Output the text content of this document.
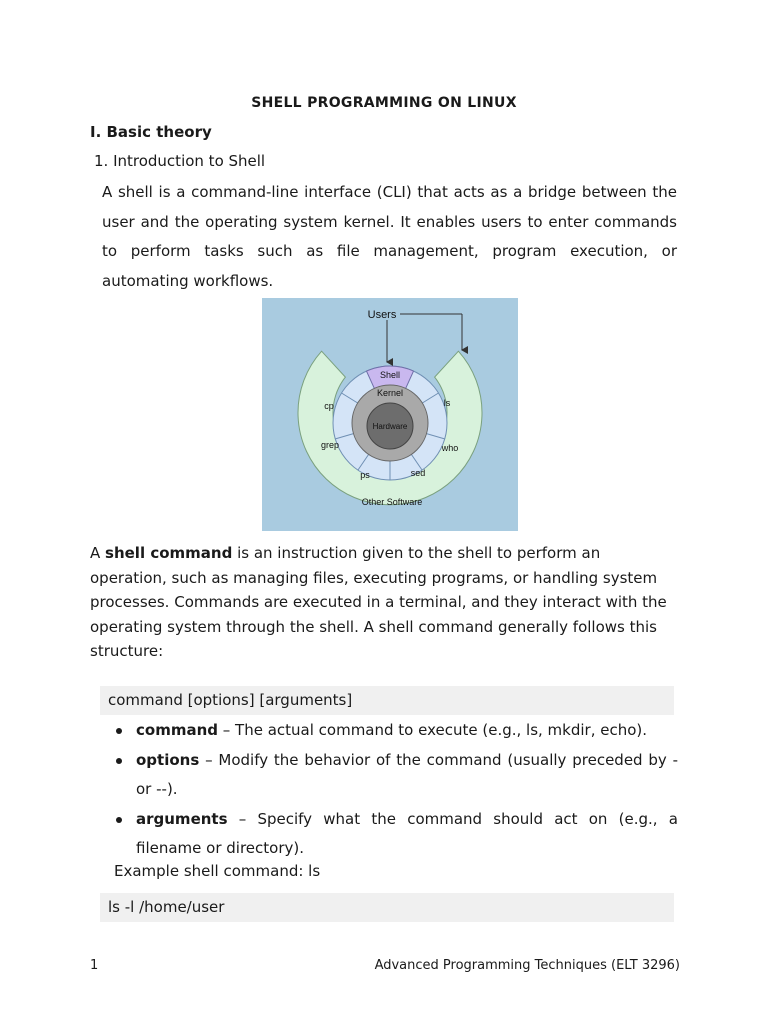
SHELL PROGRAMMING ON LINUX
I. Basic theory
1. Introduction to Shell
A shell is a command-line interface (CLI) that acts as a bridge between the user and the operating system kernel. It enables users to enter commands to perform tasks such as file management, program execution, or automating workflows.
Users
Shell
Kernel
Hardware
cp	ls
grep	who
ps	sed
Other Software
A shell command is an instruction given to the shell to perform an operation, such as managing files, executing programs, or handling system processes. Commands are executed in a terminal, and they interact with the operating system through the shell. A shell command generally follows this structure:
command [options] [arguments]
command – The actual command to execute (e.g., ls, mkdir, echo).
options – Modify the behavior of the command (usually preceded by - or --).
arguments – Specify what the command should act on (e.g., a filename or directory).
Example shell command: ls
ls -l /home/user
1	Advanced Programming Techniques (ELT 3296)
